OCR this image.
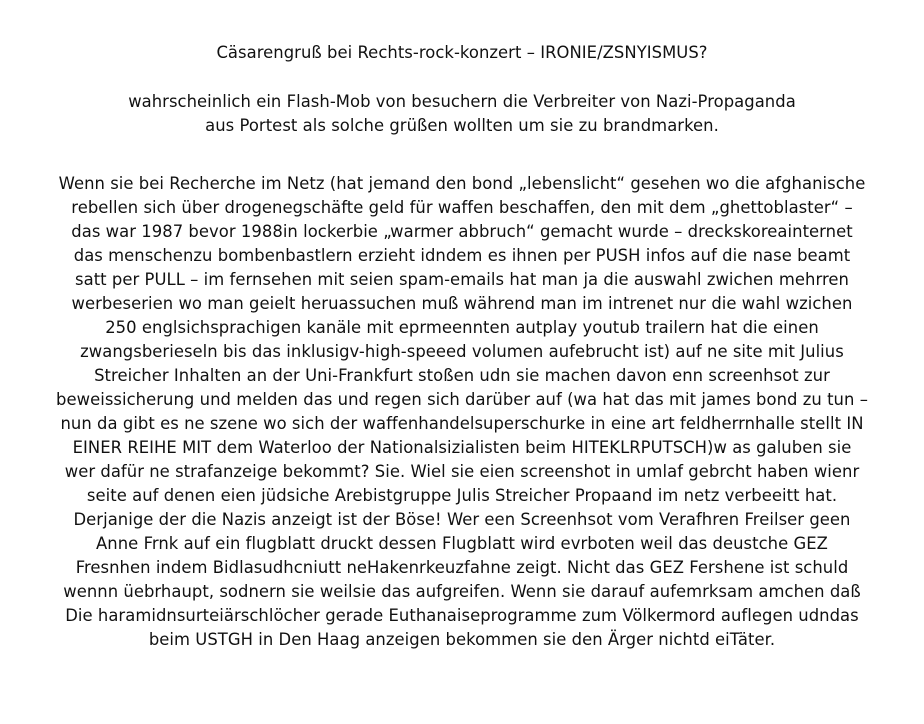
Cäsarengruß bei Rechts-rock-konzert – IRONIE/ZSNYISMUS?
wahrscheinlich ein Flash-Mob von besuchern die Verbreiter von Nazi-Propaganda
aus Portest als solche grüßen wollten um sie zu brandmarken.
Wenn sie bei Recherche im Netz (hat jemand den bond „lebenslicht“ gesehen wo die afghanische
rebellen sich über drogenegschäfte geld für waffen beschaffen, den mit dem „ghettoblaster“ –
das war 1987 bevor 1988in lockerbie „warmer abbruch“ gemacht wurde – dreckskoreainternet
das menschenzu bombenbastlern erzieht idndem es ihnen per PUSH infos auf die nase beamt
satt per PULL – im fernsehen mit seien spam-emails hat man ja die auswahl zwichen mehrren
werbeserien wo man geielt heruassuchen muß während man im intrenet nur die wahl wzichen
250 englsichsprachigen kanäle mit eprmeennten autplay youtub trailern hat die einen
zwangsberieseln bis das inklusigv-high-speeed volumen aufebrucht ist) auf ne site mit Julius
Streicher Inhalten an der Uni-Frankfurt stoßen udn sie machen davon enn screenhsot zur
beweissicherung und melden das und regen sich darüber auf (wa hat das mit james bond zu tun –
nun da gibt es ne szene wo sich der waffenhandelsuperschurke in eine art feldherrnhalle stellt IN
EINER REIHE MIT dem Waterloo der Nationalsizialisten beim HITEKLRPUTSCH)w as galuben sie
wer dafür ne strafanzeige bekommt? Sie. Wiel sie eien screenshot in umlaf gebrcht haben wienr
seite auf denen eien jüdsiche Arebistgruppe Julis Streicher Propaand im netz verbeeitt hat.
Derjanige der die Nazis anzeigt ist der Böse! Wer een Screenhsot vom Verafhren Freilser geen
Anne Frnk auf ein flugblatt druckt dessen Flugblatt wird evrboten weil das deustche GEZ
Fresnhen indem Bidlasudhcniutt neHakenrkeuzfahne zeigt. Nicht das GEZ Fershene ist schuld
wennn üebrhaupt, sodnern sie weilsie das aufgreifen. Wenn sie darauf aufemrksam amchen daß
Die haramidnsurteiärschlöcher gerade Euthanaiseprogramme zum Völkermord auflegen udndas
beim USTGH in Den Haag anzeigen bekommen sie den Ärger nichtd eiTäter.
